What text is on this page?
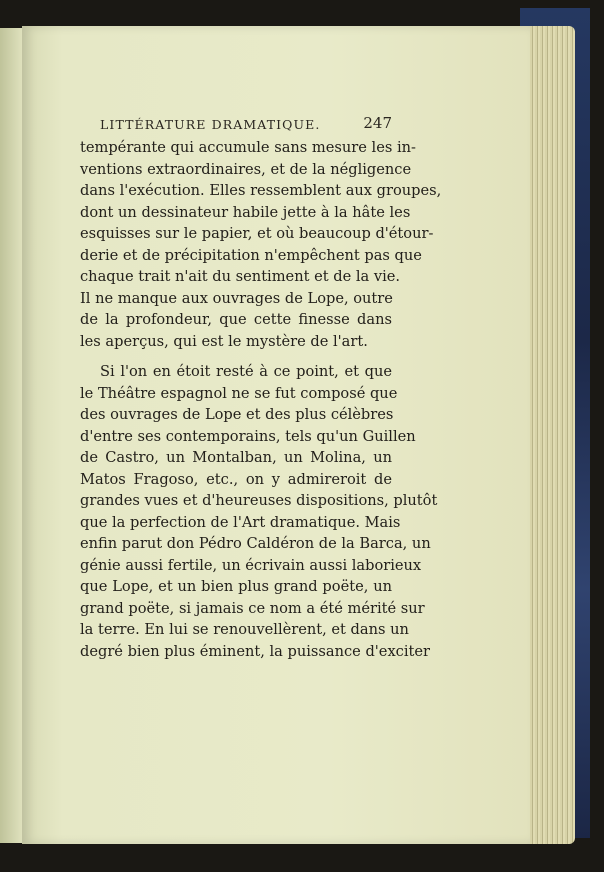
LITTÉRATURE DRAMATIQUE.	247
tempérante qui accumule sans mesure les in-
ventions extraordinaires, et de la négligence
dans l'exécution. Elles ressemblent aux groupes,
dont un dessinateur habile jette à la hâte les
esquisses sur le papier, et où beaucoup d'étour-
derie et de précipitation n'empêchent pas que
chaque trait n'ait du sentiment et de la vie.
Il ne manque aux ouvrages de Lope, outre
de la profondeur, que cette finesse dans
les aperçus, qui est le mystère de l'art.
Si l'on en étoit resté à ce point, et que
le Théâtre espagnol ne se fut composé que
des ouvrages de Lope et des plus célèbres
d'entre ses contemporains, tels qu'un Guillen
de Castro, un Montalban, un Molina, un
Matos Fragoso, etc., on y admireroit de
grandes vues et d'heureuses dispositions, plutôt
que la perfection de l'Art dramatique. Mais
enfin parut don Pédro Caldéron de la Barca, un
génie aussi fertile, un écrivain aussi laborieux
que Lope, et un bien plus grand poëte, un
grand poëte, si jamais ce nom a été mérité sur
la terre. En lui se renouvellèrent, et dans un
degré bien plus éminent, la puissance d'exciter
